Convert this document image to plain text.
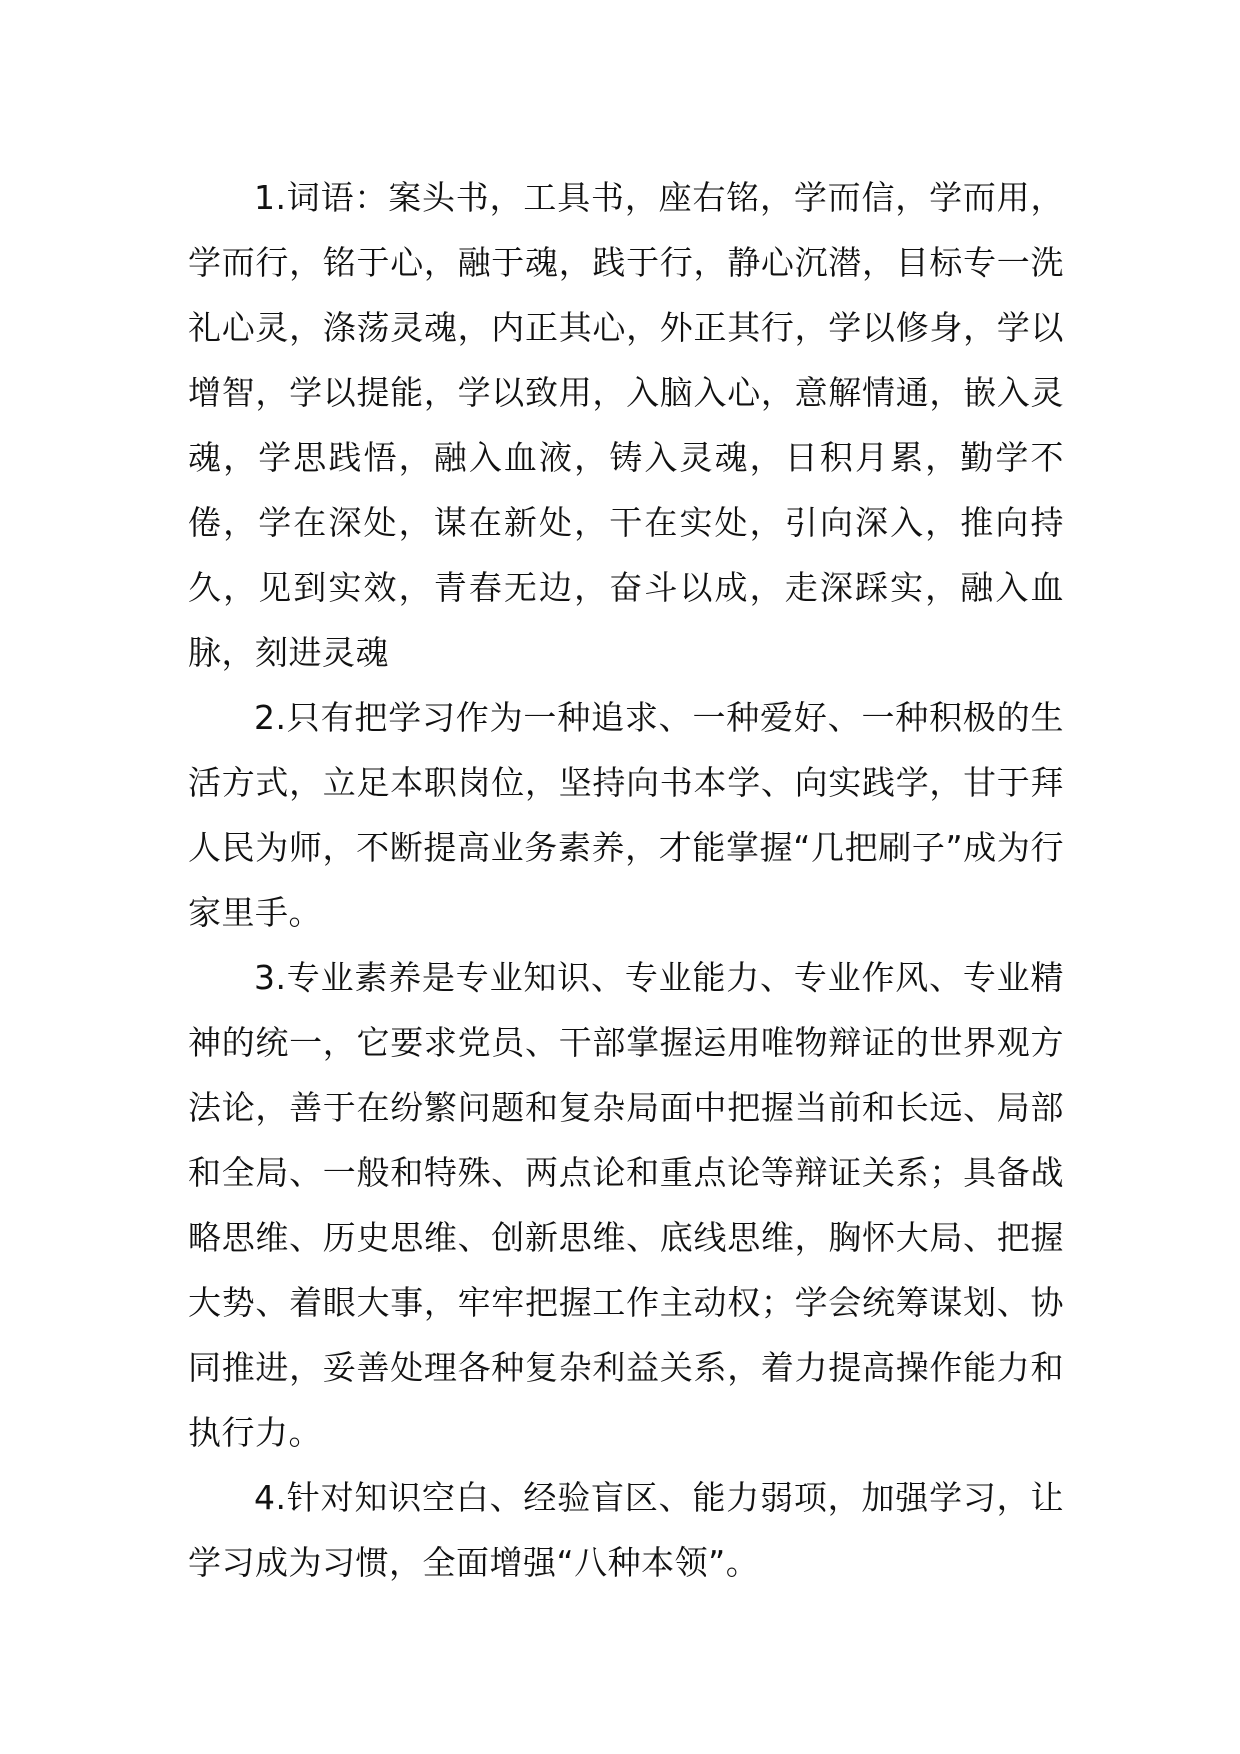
1.词语：案头书，工具书，座右铭，学而信，学而用，学而行，铭于心，融于魂，践于行，静心沉潜，目标专一洗礼心灵，涤荡灵魂，内正其心，外正其行，学以修身，学以增智，学以提能，学以致用，入脑入心，意解情通，嵌入灵魂，学思践悟，融入血液，铸入灵魂，日积月累，勤学不倦，学在深处，谋在新处，干在实处，引向深入，推向持久，见到实效，青春无边，奋斗以成，走深踩实，融入血脉，刻进灵魂

2.只有把学习作为一种追求、一种爱好、一种积极的生活方式，立足本职岗位，坚持向书本学、向实践学，甘于拜人民为师，不断提高业务素养，才能掌握“几把刷子”成为行家里手。

3.专业素养是专业知识、专业能力、专业作风、专业精神的统一，它要求党员、干部掌握运用唯物辩证的世界观方法论，善于在纷繁问题和复杂局面中把握当前和长远、局部和全局、一般和特殊、两点论和重点论等辩证关系；具备战略思维、历史思维、创新思维、底线思维，胸怀大局、把握大势、着眼大事，牢牢把握工作主动权；学会统筹谋划、协同推进，妥善处理各种复杂利益关系，着力提高操作能力和执行力。

4.针对知识空白、经验盲区、能力弱项，加强学习，让学习成为习惯，全面增强“八种本领”。
